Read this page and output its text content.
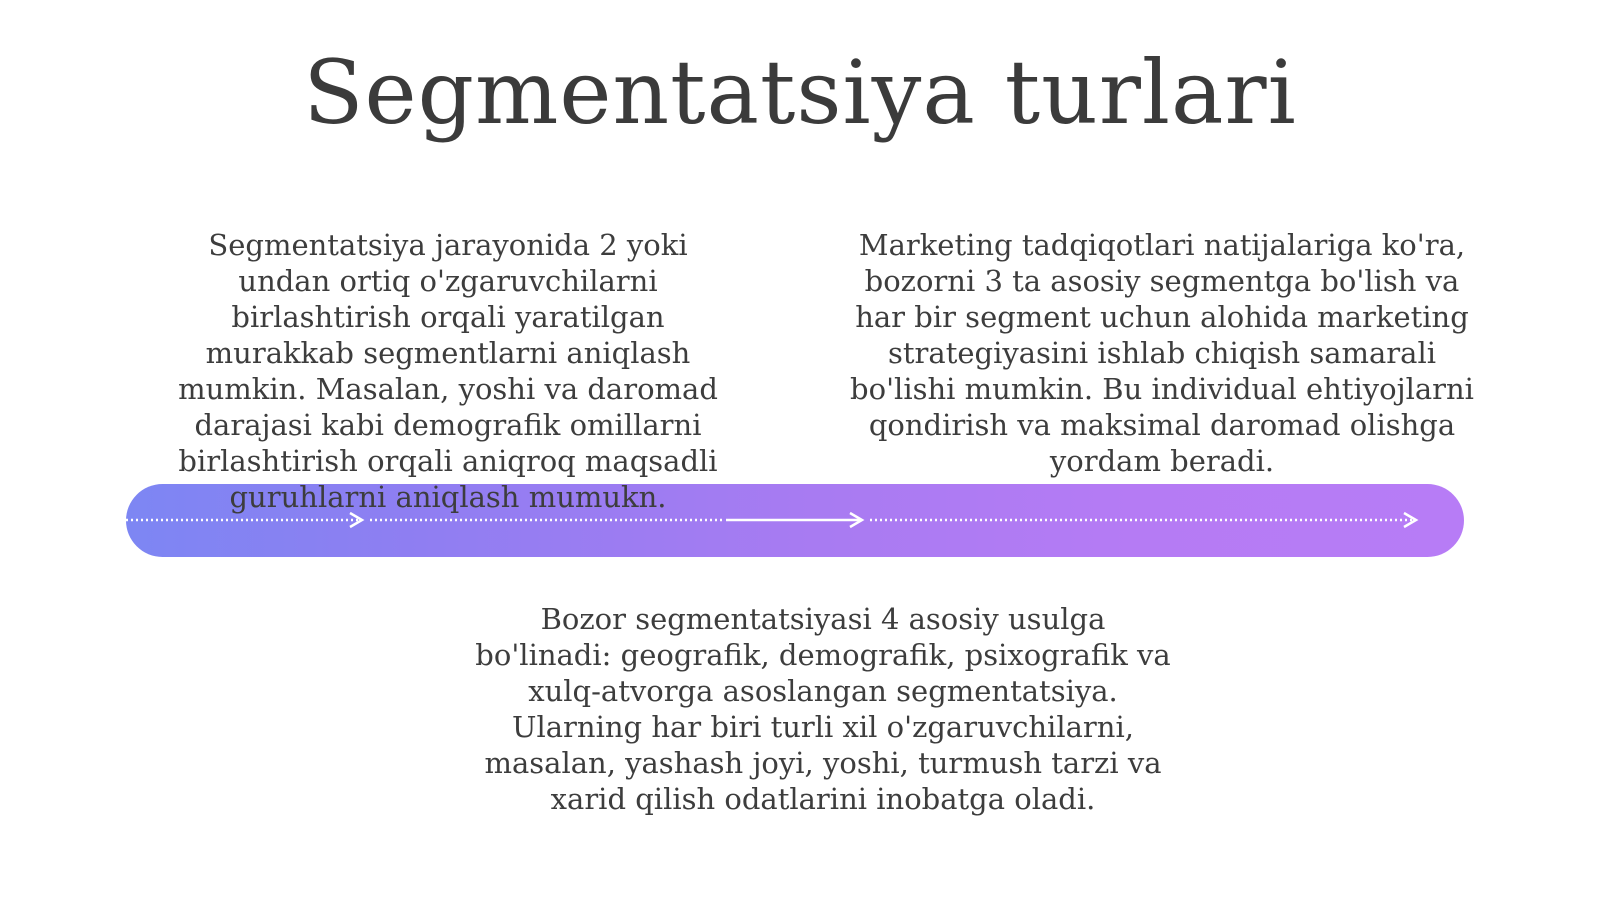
Segmentatsiya turlari

Segmentatsiya jarayonida 2 yoki undan ortiq o'zgaruvchilarni birlashtirish orqali yaratilgan murakkab segmentlarni aniqlash mumkin. Masalan, yoshi va daromad darajasi kabi demografik omillarni birlashtirish orqali aniqroq maqsadli guruhlarni aniqlash mumukn.

Marketing tadqiqotlari natijalariga ko'ra, bozorni 3 ta asosiy segmentga bo'lish va har bir segment uchun alohida marketing strategiyasini ishlab chiqish samarali bo'lishi mumkin. Bu individual ehtiyojlarni qondirish va maksimal daromad olishga yordam beradi.

Bozor segmentatsiyasi 4 asosiy usulga bo'linadi: geografik, demografik, psixografik va xulq-atvorga asoslangan segmentatsiya. Ularning har biri turli xil o'zgaruvchilarni, masalan, yashash joyi, yoshi, turmush tarzi va xarid qilish odatlarini inobatga oladi.
